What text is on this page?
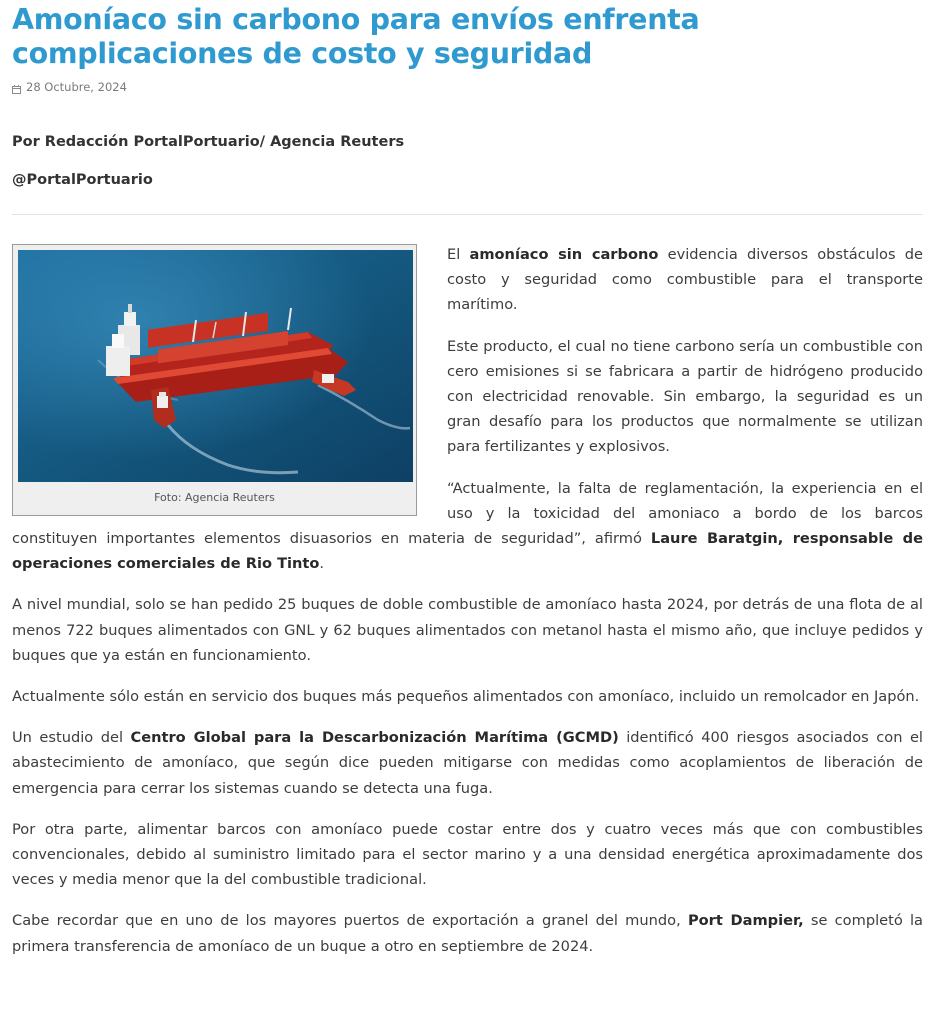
Amoníaco sin carbono para envíos enfrenta complicaciones de costo y seguridad
28 Octubre, 2024
Por Redacción PortalPortuario/ Agencia Reuters
@PortalPortuario
Foto: Agencia Reuters

El amoníaco sin carbono evidencia diversos obstáculos de costo y seguridad como combustible para el transporte marítimo.

Este producto, el cual no tiene carbono sería un combustible con cero emisiones si se fabricara a partir de hidrógeno producido con electricidad renovable. Sin embargo, la seguridad es un gran desafío para los productos que normalmente se utilizan para fertilizantes y explosivos.

“Actualmente, la falta de reglamentación, la experiencia en el uso y la toxicidad del amoniaco a bordo de los barcos constituyen importantes elementos disuasorios en materia de seguridad”, afirmó Laure Baratgin, responsable de operaciones comerciales de Rio Tinto.

A nivel mundial, solo se han pedido 25 buques de doble combustible de amoníaco hasta 2024, por detrás de una flota de al menos 722 buques alimentados con GNL y 62 buques alimentados con metanol hasta el mismo año, que incluye pedidos y buques que ya están en funcionamiento.

Actualmente sólo están en servicio dos buques más pequeños alimentados con amoníaco, incluido un remolcador en Japón.

Un estudio del Centro Global para la Descarbonización Marítima (GCMD) identificó 400 riesgos asociados con el abastecimiento de amoníaco, que según dice pueden mitigarse con medidas como acoplamientos de liberación de emergencia para cerrar los sistemas cuando se detecta una fuga.

Por otra parte, alimentar barcos con amoníaco puede costar entre dos y cuatro veces más que con combustibles convencionales, debido al suministro limitado para el sector marino y a una densidad energética aproximadamente dos veces y media menor que la del combustible tradicional.

Cabe recordar que en uno de los mayores puertos de exportación a granel del mundo, Port Dampier, se completó la primera transferencia de amoníaco de un buque a otro en septiembre de 2024.
